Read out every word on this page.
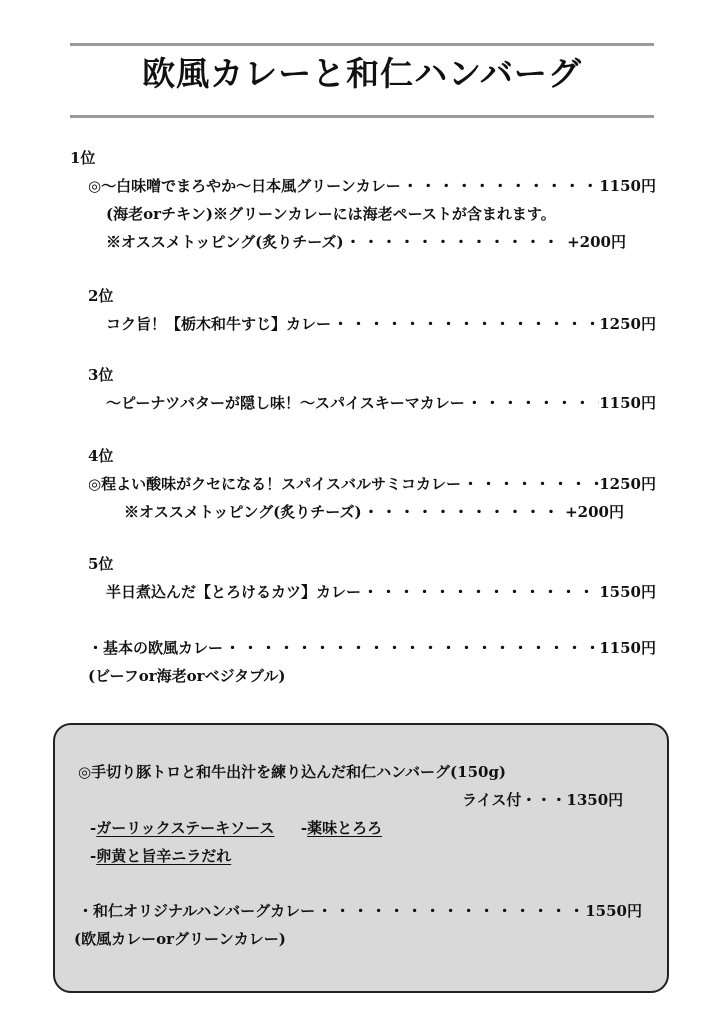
欧風カレーと和仁ハンバーグ
1位
◎～白味噌でまろやか～日本風グリーンカレー ・・・・・・・・・・・・・・・・・・・・・・・・・・・・・・・・・・・・・・・・・・・・・・・・・・	1150円
(海老orチキン)※グリーンカレーには海老ペーストが含まれます。
※オススメトッピング(炙りチーズ) ・・・・・・・・・・・・・・・・・・・・・・・・・・・・・・・・・・・・・・・・・・・・・・・・・・	+200円
2位
コク旨！【栃木和牛すじ】カレー ・・・・・・・・・・・・・・・・・・・・・・・・・・・・・・・・・・・・・・・・・・・・・・・・・・	1250円
3位
～ピーナツバターが隠し味！～スパイスキーマカレー ・・・・・・・・・・・・・・・・・・・・・・・・・・・・・・・・・・・・・・・・・・・・・・・・・・	1150円
4位
◎程よい酸味がクセになる！スパイスバルサミコカレー ・・・・・・・・・・・・・・・・・・・・・・・・・・・・・・・・・・・・・・・・・・・・・・・・・・	1250円
※オススメトッピング(炙りチーズ) ・・・・・・・・・・・・・・・・・・・・・・・・・・・・・・・・・・・・・・・・・・・・・・・・・・	+200円
5位
半日煮込んだ【とろけるカツ】カレー ・・・・・・・・・・・・・・・・・・・・・・・・・・・・・・・・・・・・・・・・・・・・・・・・・・	1550円
・基本の欧風カレー ・・・・・・・・・・・・・・・・・・・・・・・・・・・・・・・・・・・・・・・・・・・・・・・・・・	1150円
(ビーフor海老orベジタブル)
◎手切り豚トロと和牛出汁を練り込んだ和仁ハンバーグ(150g)
ライス付・・・1350円
-ガーリックステーキソース -薬味とろろ
-卵黄と旨辛ニラだれ
・和仁オリジナルハンバーグカレー ・・・・・・・・・・・・・・・・・・・・・・・・・・・・・・・・・・・・・・・・・・・・・・・・・・	1550円
(欧風カレーorグリーンカレー)
